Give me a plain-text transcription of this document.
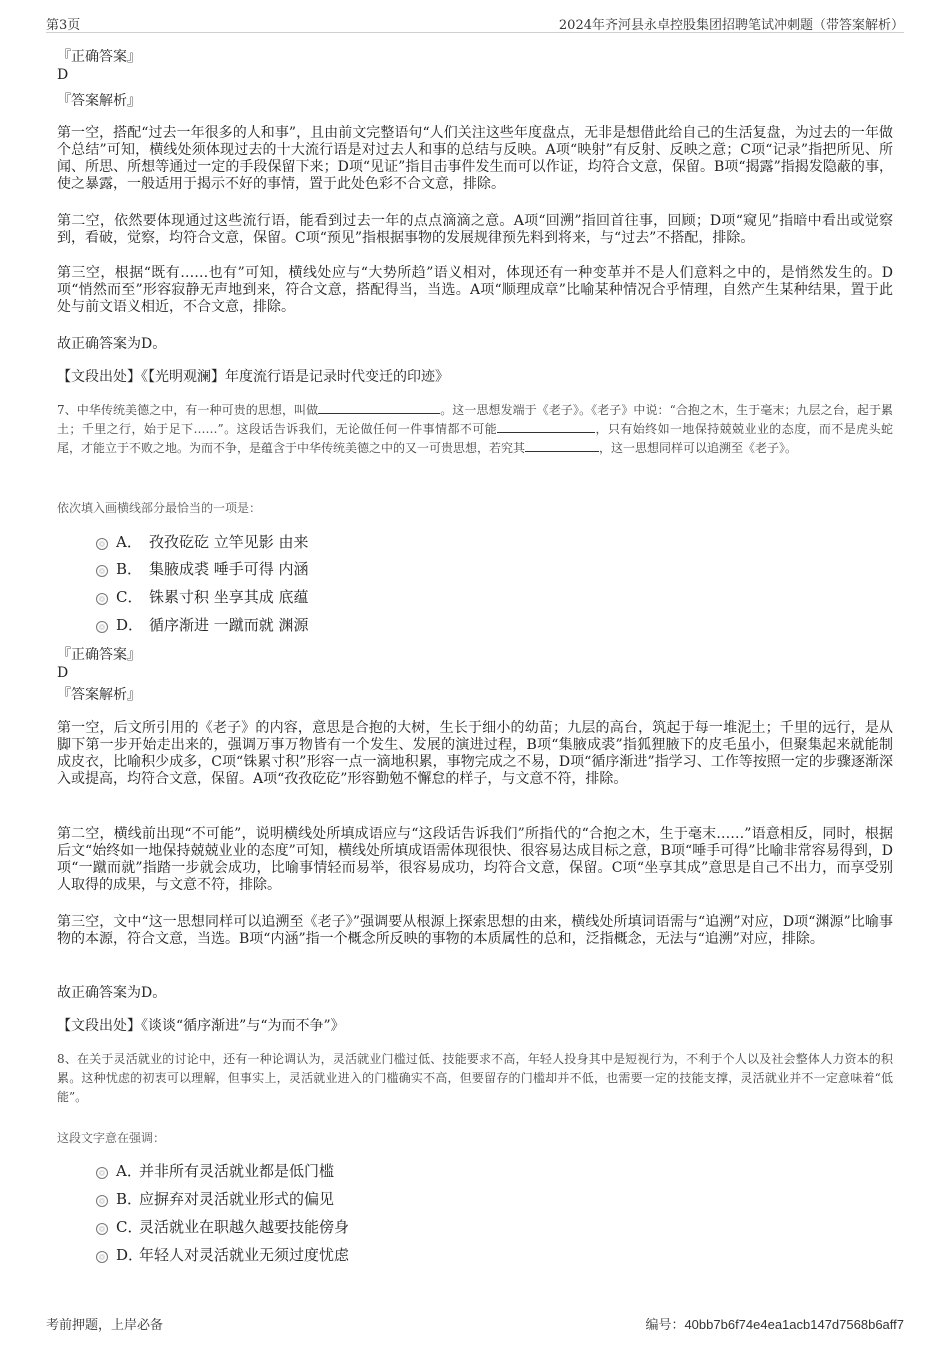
第3页	2024年齐河县永卓控股集团招聘笔试冲刺题（带答案解析）
『正确答案』
D
『答案解析』
第一空，搭配“过去一年很多的人和事”，且由前文完整语句“人们关注这些年度盘点，无非是想借此给自己的生活复盘，为过去的一年做个总结”可知，横线处须体现过去的十大流行语是对过去人和事的总结与反映。A项“映射”有反射、反映之意；C项“记录”指把所见、所闻、所思、所想等通过一定的手段保留下来；D项“见证”指目击事件发生而可以作证，均符合文意，保留。B项“揭露”指揭发隐蔽的事，使之暴露，一般适用于揭示不好的事情，置于此处色彩不合文意，排除。
第二空，依然要体现通过这些流行语，能看到过去一年的点点滴滴之意。A项“回溯”指回首往事，回顾；D项“窥见”指暗中看出或觉察到，看破，觉察，均符合文意，保留。C项“预见”指根据事物的发展规律预先料到将来，与“过去”不搭配，排除。
第三空，根据“既有……也有”可知，横线处应与“大势所趋”语义相对，体现还有一种变革并不是人们意料之中的，是悄然发生的。D项“悄然而至”形容寂静无声地到来，符合文意，搭配得当，当选。A项“顺理成章”比喻某种情况合乎情理，自然产生某种结果，置于此处与前文语义相近，不合文意，排除。
故正确答案为D。
【文段出处】《【光明观澜】年度流行语是记录时代变迁的印迹》
7、中华传统美德之中，有一种可贵的思想，叫做	。这一思想发端于《老子》。《老子》中说：“合抱之木，生于毫末；九层之台，起于累土；千里之行，始于足下……”。这段话告诉我们，无论做任何一件事情都不可能	，只有始终如一地保持兢兢业业的态度，而不是虎头蛇尾，才能立于不败之地。为而不争，是蕴含于中华传统美德之中的又一可贵思想，若究其	，这一思想同样可以追溯至《老子》。
依次填入画横线部分最恰当的一项是：
A． 孜孜矻矻 立竿见影 由来
B． 集腋成裘 唾手可得 内涵
C． 铢累寸积 坐享其成 底蕴
D． 循序渐进 一蹴而就 渊源
『正确答案』
D
『答案解析』
第一空，后文所引用的《老子》的内容，意思是合抱的大树，生长于细小的幼苗；九层的高台，筑起于每一堆泥土；千里的远行，是从脚下第一步开始走出来的，强调万事万物皆有一个发生、发展的演进过程，B项“集腋成裘”指狐狸腋下的皮毛虽小，但聚集起来就能制成皮衣，比喻积少成多，C项“铢累寸积”形容一点一滴地积累，事物完成之不易，D项“循序渐进”指学习、工作等按照一定的步骤逐渐深入或提高，均符合文意，保留。A项“孜孜矻矻”形容勤勉不懈怠的样子，与文意不符，排除。
第二空，横线前出现“不可能”，说明横线处所填成语应与“这段话告诉我们”所指代的“合抱之木，生于毫末……”语意相反，同时，根据后文“始终如一地保持兢兢业业的态度”可知，横线处所填成语需体现很快、很容易达成目标之意，B项“唾手可得”比喻非常容易得到，D项“一蹴而就”指踏一步就会成功，比喻事情轻而易举，很容易成功，均符合文意，保留。C项“坐享其成”意思是自己不出力，而享受别人取得的成果，与文意不符，排除。
第三空，文中“这一思想同样可以追溯至《老子》”强调要从根源上探索思想的由来，横线处所填词语需与“追溯”对应，D项“渊源”比喻事物的本源，符合文意，当选。B项“内涵”指一个概念所反映的事物的本质属性的总和，泛指概念，无法与“追溯”对应，排除。
故正确答案为D。
【文段出处】《谈谈“循序渐进”与“为而不争”》
8、在关于灵活就业的讨论中，还有一种论调认为，灵活就业门槛过低、技能要求不高，年轻人投身其中是短视行为，不利于个人以及社会整体人力资本的积累。这种忧虑的初衷可以理解，但事实上，灵活就业进入的门槛确实不高，但要留存的门槛却并不低，也需要一定的技能支撑，灵活就业并不一定意味着“低能”。
这段文字意在强调：
A．并非所有灵活就业都是低门槛
B．应摒弃对灵活就业形式的偏见
C．灵活就业在职越久越要技能傍身
D．年轻人对灵活就业无须过度忧虑
考前押题，上岸必备	编号：40bb7b6f74e4ea1acb147d7568b6aff7
